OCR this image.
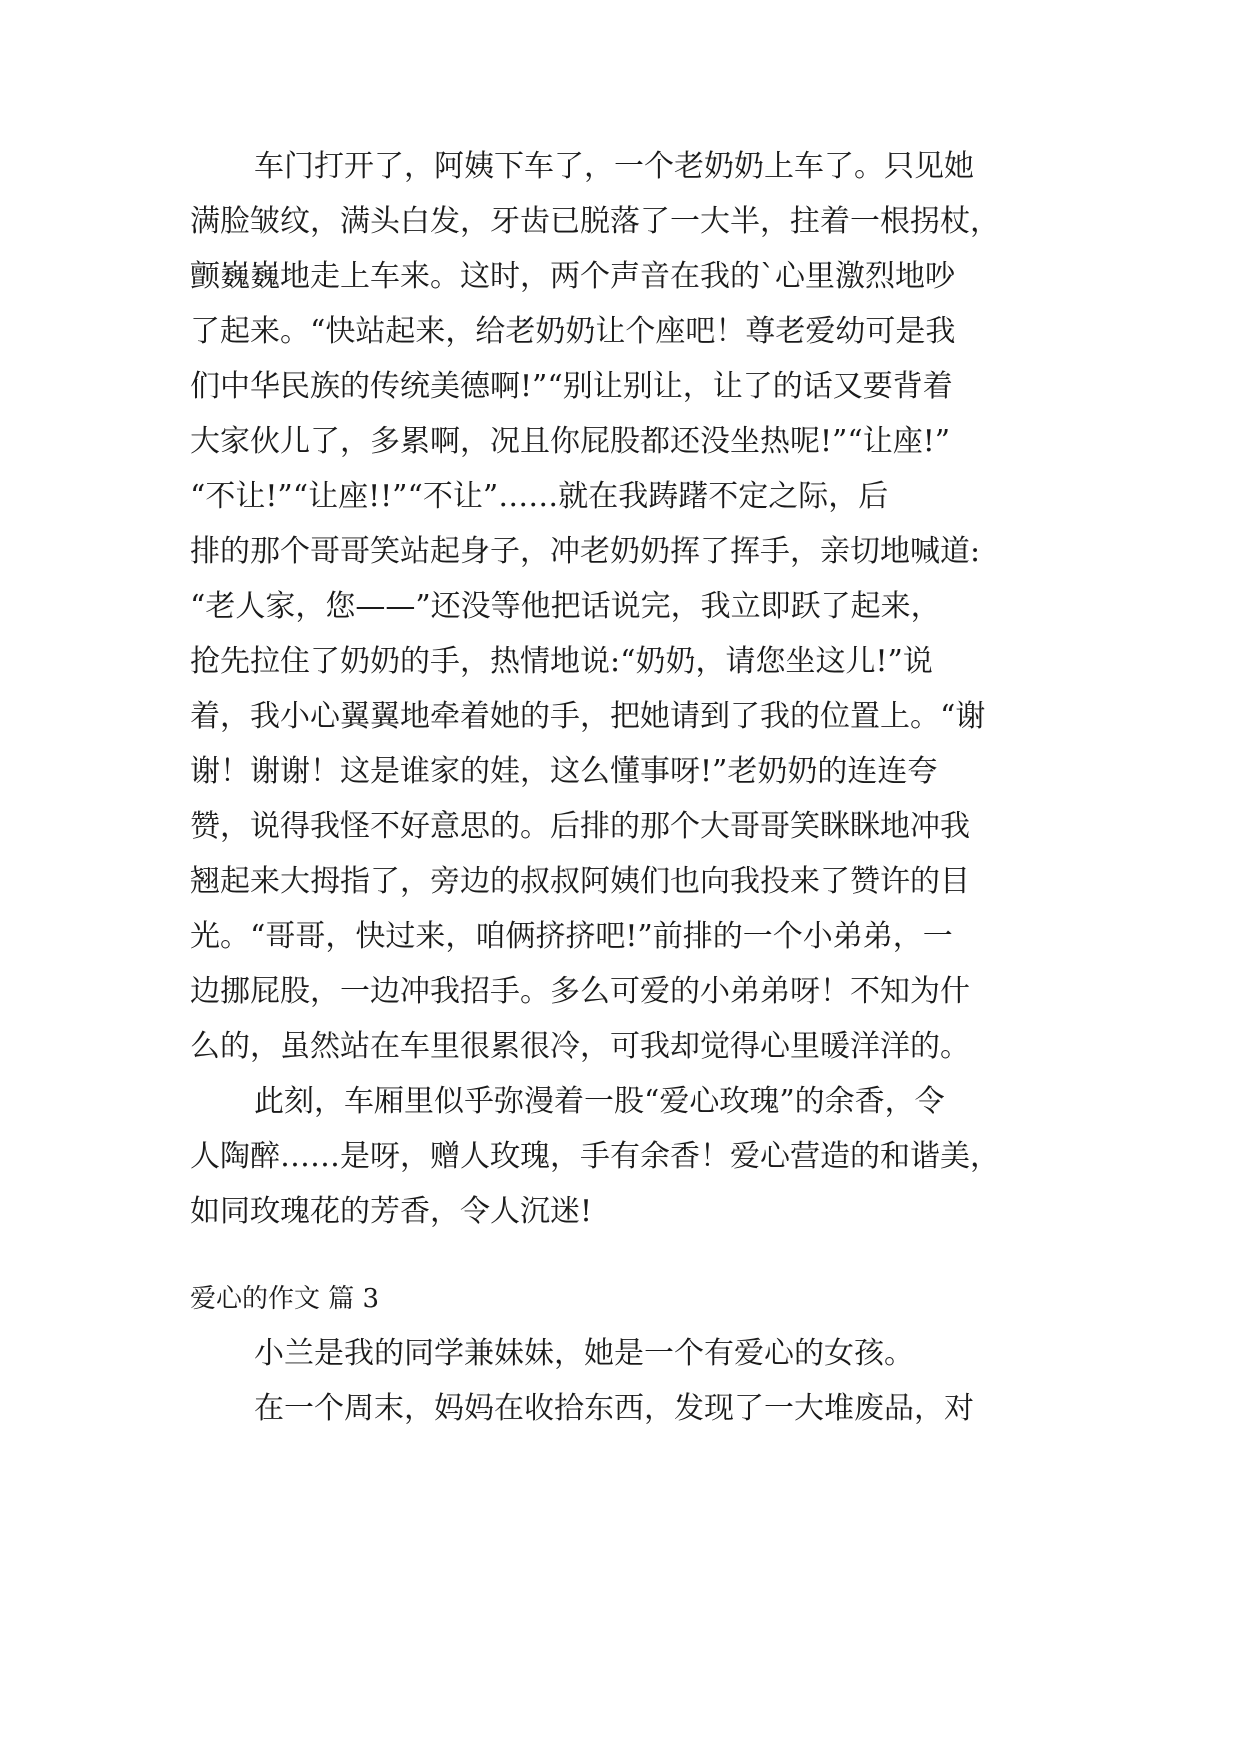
车门打开了，阿姨下车了，一个老奶奶上车了。只见她
满脸皱纹，满头白发，牙齿已脱落了一大半，拄着一根拐杖，
颤巍巍地走上车来。这时，两个声音在我的`心里激烈地吵
了起来。“快站起来，给老奶奶让个座吧！尊老爱幼可是我
们中华民族的传统美德啊!”“别让别让，让了的话又要背着
大家伙儿了，多累啊，况且你屁股都还没坐热呢!”“让座!”
“不让!”“让座!!”“不让”……就在我踌躇不定之际，后
排的那个哥哥笑站起身子，冲老奶奶挥了挥手，亲切地喊道:
“老人家，您——”还没等他把话说完，我立即跃了起来，
抢先拉住了奶奶的手，热情地说:“奶奶，请您坐这儿!”说
着，我小心翼翼地牵着她的手，把她请到了我的位置上。“谢
谢！谢谢！这是谁家的娃，这么懂事呀!”老奶奶的连连夸
赞，说得我怪不好意思的。后排的那个大哥哥笑眯眯地冲我
翘起来大拇指了，旁边的叔叔阿姨们也向我投来了赞许的目
光。“哥哥，快过来，咱俩挤挤吧!”前排的一个小弟弟，一
边挪屁股，一边冲我招手。多么可爱的小弟弟呀！不知为什
么的，虽然站在车里很累很冷，可我却觉得心里暖洋洋的。
此刻，车厢里似乎弥漫着一股“爱心玫瑰”的余香，令
人陶醉……是呀，赠人玫瑰，手有余香！爱心营造的和谐美，
如同玫瑰花的芳香，令人沉迷!
爱心的作文 篇 3
小兰是我的同学兼妹妹，她是一个有爱心的女孩。
在一个周末，妈妈在收拾东西，发现了一大堆废品，对
